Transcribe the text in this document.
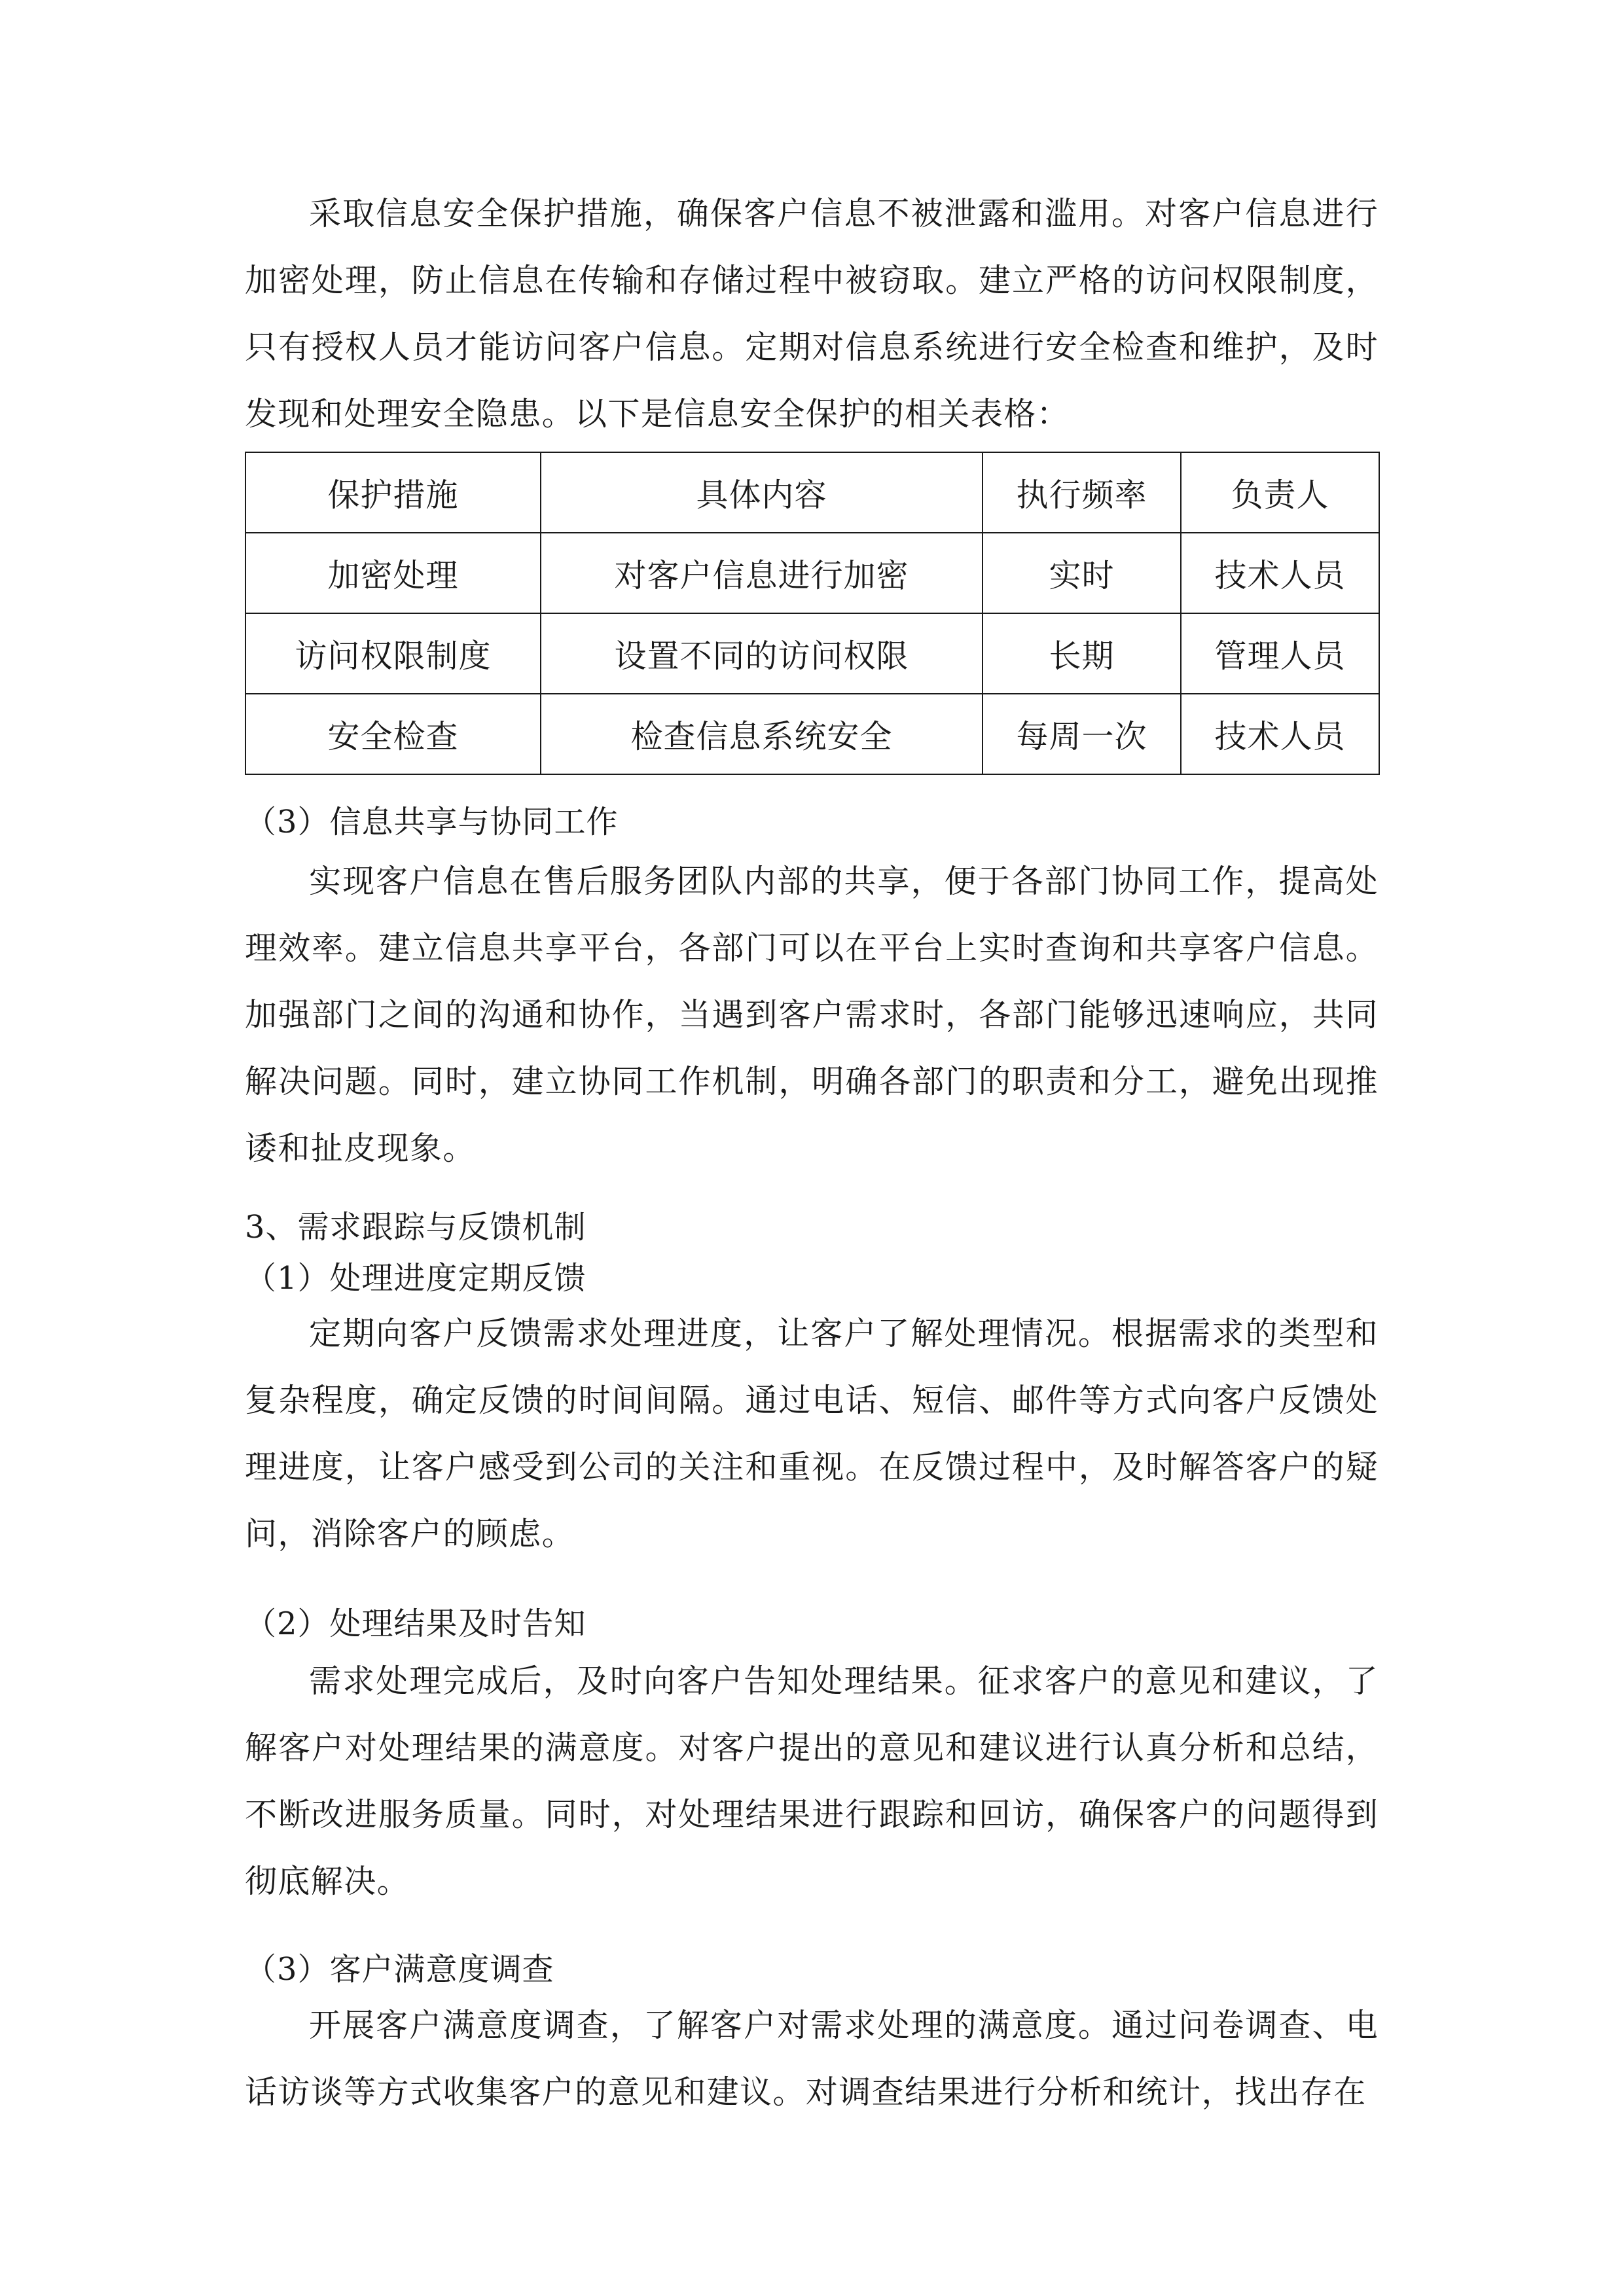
采取信息安全保护措施，确保客户信息不被泄露和滥用。对客户信息进行加密处理，防止信息在传输和存储过程中被窃取。建立严格的访问权限制度，只有授权人员才能访问客户信息。定期对信息系统进行安全检查和维护，及时发现和处理安全隐患。以下是信息安全保护的相关表格：

保护措施	具体内容	执行频率	负责人
加密处理	对客户信息进行加密	实时	技术人员
访问权限制度	设置不同的访问权限	长期	管理人员
安全检查	检查信息系统安全	每周一次	技术人员

（3）信息共享与协同工作

实现客户信息在售后服务团队内部的共享，便于各部门协同工作，提高处理效率。建立信息共享平台，各部门可以在平台上实时查询和共享客户信息。加强部门之间的沟通和协作，当遇到客户需求时，各部门能够迅速响应，共同解决问题。同时，建立协同工作机制，明确各部门的职责和分工，避免出现推诿和扯皮现象。

3、需求跟踪与反馈机制

（1）处理进度定期反馈

定期向客户反馈需求处理进度，让客户了解处理情况。根据需求的类型和复杂程度，确定反馈的时间间隔。通过电话、短信、邮件等方式向客户反馈处理进度，让客户感受到公司的关注和重视。在反馈过程中，及时解答客户的疑问，消除客户的顾虑。

（2）处理结果及时告知

需求处理完成后，及时向客户告知处理结果。征求客户的意见和建议，了解客户对处理结果的满意度。对客户提出的意见和建议进行认真分析和总结，不断改进服务质量。同时，对处理结果进行跟踪和回访，确保客户的问题得到彻底解决。

（3）客户满意度调查

开展客户满意度调查，了解客户对需求处理的满意度。通过问卷调查、电话访谈等方式收集客户的意见和建议。对调查结果进行分析和统计，找出存在
